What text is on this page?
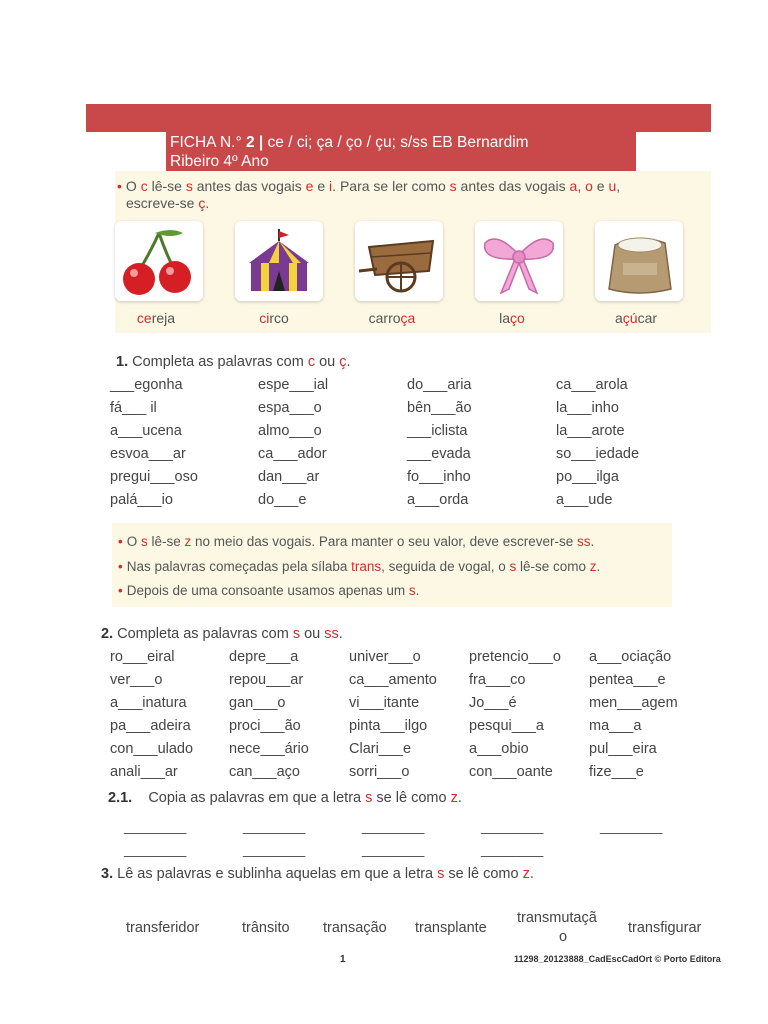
FICHA N.° 2 | ce / ci; ça / ço / çu; s/ss EB Bernardim
Ribeiro 4º Ano
• O c lê-se s antes das vogais e e i. Para se ler como s antes das vogais a, o e u,
escreve-se ç.
cereja	circo	carroça	laço	açúcar
1. Completa as palavras com c ou ç.
___egonha	espe___ial	do___aria	ca___arola
fá___ il	espa___o	bên___ão	la___inho
a___ucena	almo___o	___iclista	la___arote
esvoa___ar	ca___ador	___evada	so___iedade
pregui___oso	dan___ar	fo___inho	po___ilga
palá___io	do___e	a___orda	a___ude
• O s lê-se z no meio das vogais. Para manter o seu valor, deve escrever-se ss.
• Nas palavras começadas pela sílaba trans, seguida de vogal, o s lê-se como z.
• Depois de uma consoante usamos apenas um s.
2. Completa as palavras com s ou ss.
ro___eiral	depre___a	univer___o	pretencio___o a___ociação
ver___o	repou___ar	ca___amento fra___co	pentea___e
a___inatura	gan___o	vi___itante	Jo___é	men___agem
pa___adeira	proci___ão	pinta___ilgo	pesqui___a	ma___a
con___ulado nece___ário	Clari___e	a___obio	pul___eira
anali___ar	can___aço	sorri___o	con___oante fize___e
2.1. Copia as palavras em que a letra s se lê como z.
________	________	________	________	________
________	________	________	________
3. Lê as palavras e sublinha aquelas em que a letra s se lê como z.
transferidor	trânsito transação transplante
transmutaçã
o
transfigurar
1	11298_20123888_CadEscCadOrt © Porto Editora
